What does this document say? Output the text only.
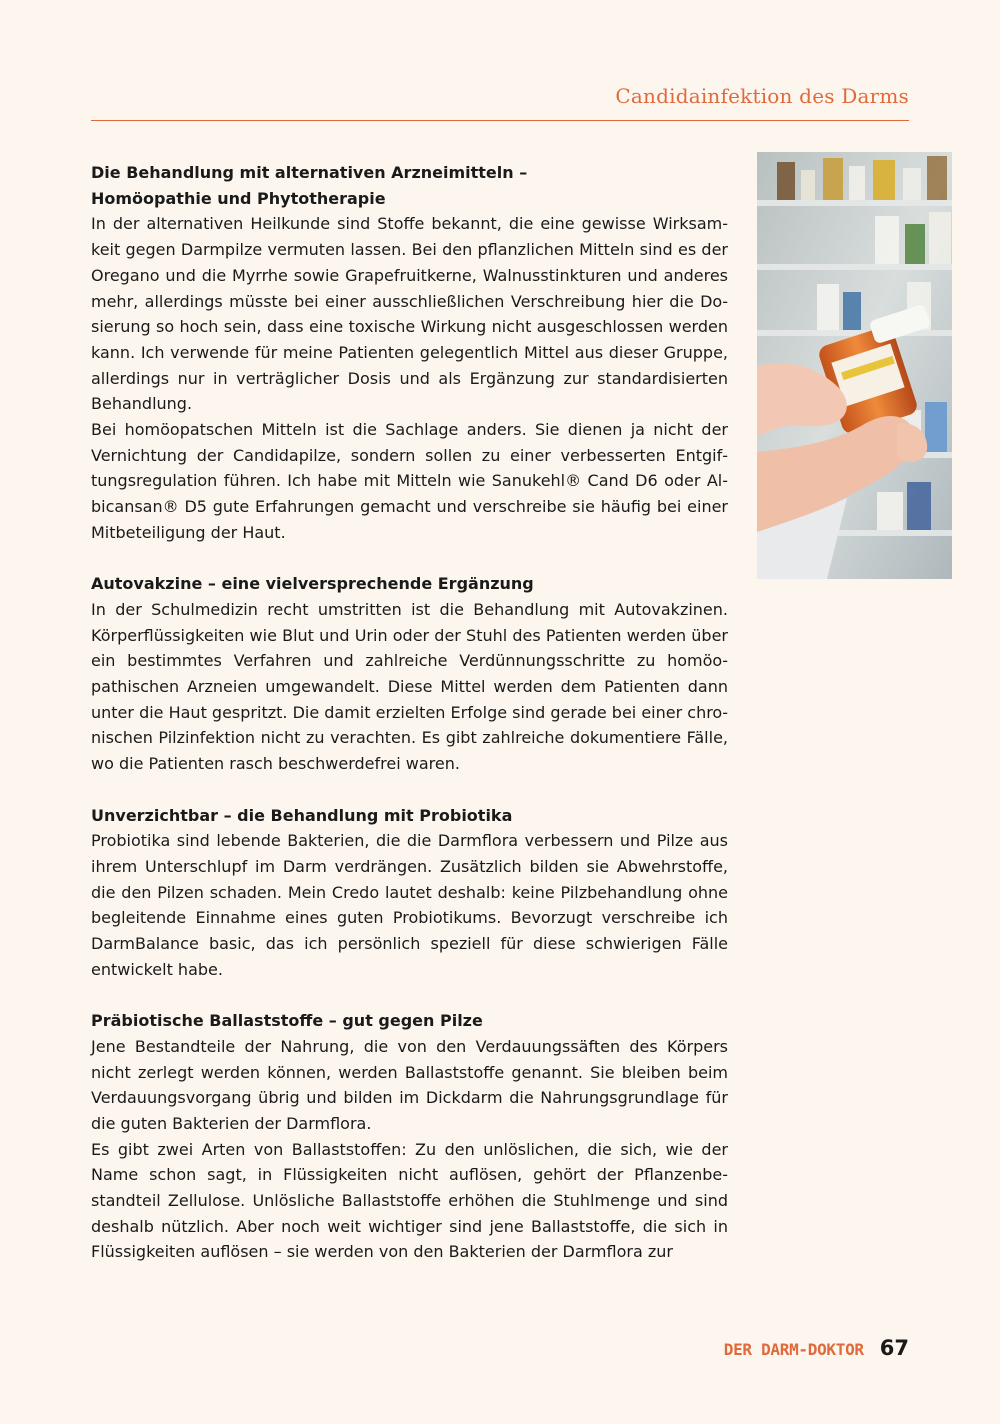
Candidainfektion des Darms
Die Behandlung mit alternativen Arzneimitteln –
Homöopathie und Phytotherapie

In der alternativen Heilkunde sind Stoffe bekannt, die eine gewisse Wirksamkeit gegen Darmpilze vermuten lassen. Bei den pflanzlichen Mitteln sind es der Oregano und die Myrrhe sowie Grapefruitkerne, Walnusstinkturen und anderes mehr, allerdings müsste bei einer ausschließlichen Verschreibung hier die Dosierung so hoch sein, dass eine toxische Wirkung nicht ausgeschlossen werden kann. Ich verwende für meine Patienten gelegentlich Mittel aus dieser Gruppe, allerdings nur in verträglicher Dosis und als Ergänzung zur standardisierten Behandlung.

Bei homöopatschen Mitteln ist die Sachlage anders. Sie dienen ja nicht der Vernichtung der Candidapilze, sondern sollen zu einer verbesserten Entgiftungsregulation führen. Ich habe mit Mitteln wie Sanukehl® Cand D6 oder Albicansan® D5 gute Erfahrungen gemacht und verschreibe sie häufig bei einer Mitbeteiligung der Haut.

Autovakzine – eine vielversprechende Ergänzung

In der Schulmedizin recht umstritten ist die Behandlung mit Autovakzinen. Körperflüssigkeiten wie Blut und Urin oder der Stuhl des Patienten werden über ein bestimmtes Verfahren und zahlreiche Verdünnungsschritte zu homöopathischen Arzneien umgewandelt. Diese Mittel werden dem Patienten dann unter die Haut gespritzt. Die damit erzielten Erfolge sind gerade bei einer chronischen Pilzinfektion nicht zu verachten. Es gibt zahlreiche dokumentiere Fälle, wo die Patienten rasch beschwerdefrei waren.

Unverzichtbar – die Behandlung mit Probiotika

Probiotika sind lebende Bakterien, die die Darmflora verbessern und Pilze aus ihrem Unterschlupf im Darm verdrängen. Zusätzlich bilden sie Abwehrstoffe, die den Pilzen schaden. Mein Credo lautet deshalb: keine Pilzbehandlung ohne begleitende Einnahme eines guten Probiotikums. Bevorzugt verschreibe ich DarmBalance basic, das ich persönlich speziell für diese schwierigen Fälle entwickelt habe.

Präbiotische Ballaststoffe – gut gegen Pilze

Jene Bestandteile der Nahrung, die von den Verdauungssäften des Körpers nicht zerlegt werden können, werden Ballaststoffe genannt. Sie bleiben beim Verdauungsvorgang übrig und bilden im Dickdarm die Nahrungsgrundlage für die guten Bakterien der Darmflora.

Es gibt zwei Arten von Ballaststoffen: Zu den unlöslichen, die sich, wie der Name schon sagt, in Flüssigkeiten nicht auflösen, gehört der Pflanzenbestandteil Zellulose. Unlösliche Ballaststoffe erhöhen die Stuhlmenge und sind deshalb nützlich. Aber noch weit wichtiger sind jene Ballaststoffe, die sich in Flüssigkeiten auflösen – sie werden von den Bakterien der Darmflora zur

DER DARM-DOKTOR 67
